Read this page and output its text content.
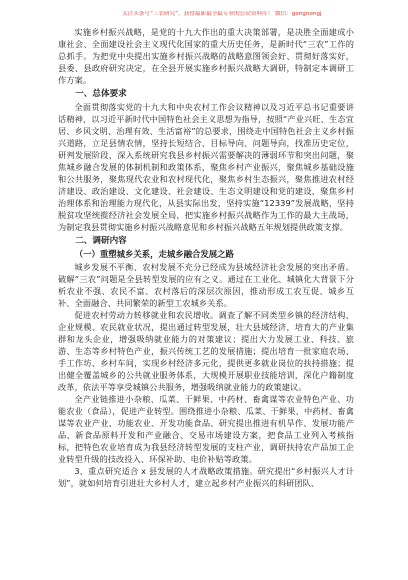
关注头条号“三农研究”，获得最新最全最专业的公众资料库！ 微信：gongnongj

实施乡村振兴战略，是党的十九大作出的重大决策部署，是决胜全面建成小康社会、全面建设社会主义现代化国家的重大历史任务，是新时代“三农”工作的总抓手。为把党中央提出实施乡村振兴战略的战略意图领会好、贯彻好落实好，县委、县政府研究决定，在全县开展实施乡村振兴战略大调研，特制定本调研工作方案。

一、总体要求

全面贯彻落实党的十九大和中央农村工作会议精神以及习近平总书记重要讲话精神，以习近平新时代中国特色社会主义思想为指导，按照“产业兴旺、生态宜居、乡风文明、治理有效、生活富裕”的总要求，围绕走中国特色社会主义乡村振兴道路，立足县情农情，坚持长短结合、目标导向、问题导向，找准历史定位，研判发展阶段，深入系统研究我县乡村振兴需要解决的薄弱环节和突出问题，聚焦城乡融合发展的体制机制和政策体系，聚焦乡村产业振兴，聚焦城乡基础设施和公共服务，聚焦现代农业和农村现代化，聚焦乡村生态振兴，聚焦推进农村经济建设、政治建设、文化建设、社会建设、生态文明建设和党的建设，聚焦乡村治理体系和治理能力现代化，从县实际出发，坚持实施“12339”发展战略，坚持脱贫攻坚统揽经济社会发展全局，把实施乡村振兴战略作为工作的最大主战场，为制定我县贯彻实施乡村振兴战略意见和乡村振兴战略五年规划提供政策支撑。

二、调研内容
（一）重塑城乡关系，走城乡融合发展之路

城乡发展不平衡、农村发展不充分已经成为县域经济社会发展的突出矛盾。破解“三农”问题是全县转型发展的应有之义。通过在工业化、城镇化大背景下分析农业不强、农民不富、农村落后的深层次原因，推动形成工农互促、城乡互补、全面融合、共同繁荣的新型工农城乡关系。

促进农村劳动力转移就业和农民增收。调查了解不同类型乡镇的经济结构、企业规模、农民就业状况，提出通过转型发展，壮大县域经济，培育大的产业集群和龙头企业，增强吸纳就业能力的对策建议；提出大力发展工业、科技、旅游、生态等乡村特色产业，振兴传统工艺的发展措施；提出培育一批家庭农场、手工作坊、乡村车间，实现乡村经济多元化，提供更多就业岗位的扶持措施；提出健全覆盖城乡的公共就业服务体系，大规模开展职业技能培训，深化户籍制度改革，依法平等享受城镇公共服务，增强吸纳就业能力的政策建议。

全产业链推进小杂粮、瓜菜、干鲜果、中药材、畜禽谋等农业特色产业、功能农业（食品），促进产业转型。围绕推进小杂粮、瓜菜、干鲜果、中药材、畜禽谋等农业产业、功能农业、开发功能食品、研究提出推进有机旱作、发展功能产品、新食品原料开发和产业融合、交易市场建设方案，把食品工业列入考核指标，把特色农业培育成为我县经济转型发展的支柱产业，调研扶持农产品加工企业转型升级的技改投入、环保补助、电价补贴等政策。

3、重点研究适合 x 县发展的人才战略政策措施。研究提出“乡村振兴人才计划”，就如何培育引进壮大乡村人才，建立起乡村产业振兴的科研团队、
